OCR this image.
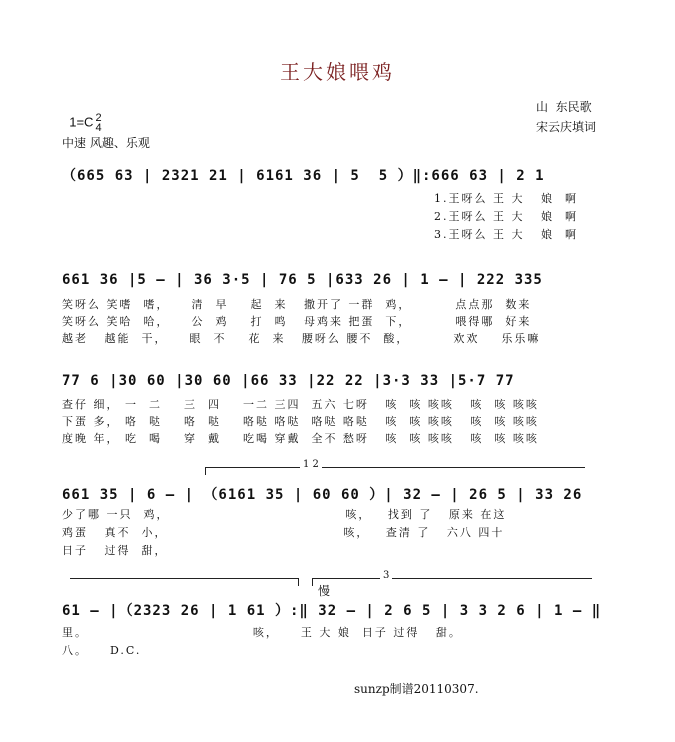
王大娘喂鸡

1=C 2
4

山  东民歌
宋云庆填词
中速 风趣、乐观
（665 63 | 2321 21 | 6161 36 | 5  5 ）‖:666 63 | 2 1
1.王呀么 王 大   娘  啊
2.王呀么 王 大   娘  啊
3.王呀么 王 大   娘  啊
661 36 |5 – | 36 3·5 | 76 5 |633 26 | 1 – | 222 335
笑呀么 笑嗜  嗜，    清  早    起  来   撒开了 一群  鸡，        点点那  数来
笑呀么 笑哈  哈，    公  鸡    打  鸣   母鸡来 把蛋  下，        喂得哪  好来
越老   越能  干，    眼  不    花  来   腰呀么 腰不  酸，        欢欢    乐乐嘛
77 6 |30 60 |30 60 |66 33 |22 22 |3·3 33 |5·7 77
查仔 细， 一  二    三  四    一二 三四  五六 七呀   咳  咳 咳咳   咳  咳 咳咳
下蛋 多， 咯  哒    咯  哒    咯哒 咯哒  咯哒 咯哒   咳  咳 咳咳   咳  咳 咳咳
度晚 年， 吃  喝    穿  戴    吃喝 穿戴  全不 愁呀   咳  咳 咳咳   咳  咳 咳咳
1 2
661 35 | 6 – | （6161 35 | 60 60 ）| 32 – | 26 5 | 33 26
少了哪 一只  鸡，                                咳，   找到 了   原来 在这
鸡蛋   真不  小，                                咳，   查清 了   六八 四十
日子   过得  甜，
3
慢
61 – |（2323 26 | 1 61 ）:‖ 32 – | 2 6 5 | 3 3 2 6 | 1 – ‖
里。                              咳，    王 大 娘  日子 过得   甜。
八。    D.C.
sunzp制谱20110307.
